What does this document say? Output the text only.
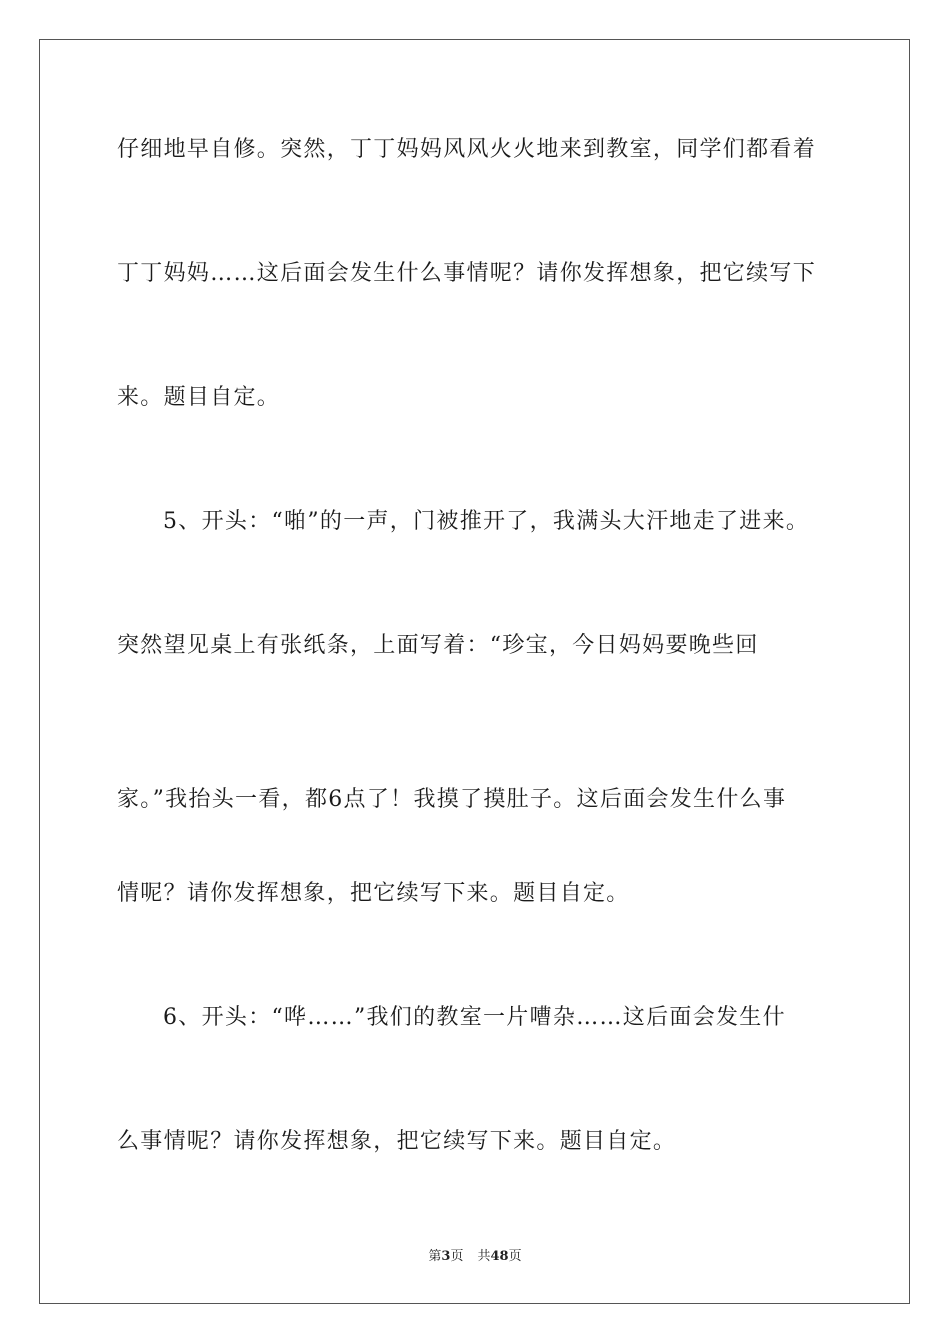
仔细地早自修。突然，丁丁妈妈风风火火地来到教室，同学们都看着
丁丁妈妈……这后面会发生什么事情呢？请你发挥想象，把它续写下
来。题目自定。
5、开头：“啪”的一声，门被推开了，我满头大汗地走了进来。
突然望见桌上有张纸条，上面写着：“珍宝，今日妈妈要晚些回
家。”我抬头一看，都6点了！我摸了摸肚子。这后面会发生什么事
情呢？请你发挥想象，把它续写下来。题目自定。
6、开头：“哗……”我们的教室一片嘈杂……这后面会发生什
么事情呢？请你发挥想象，把它续写下来。题目自定。
第3页 共48页
